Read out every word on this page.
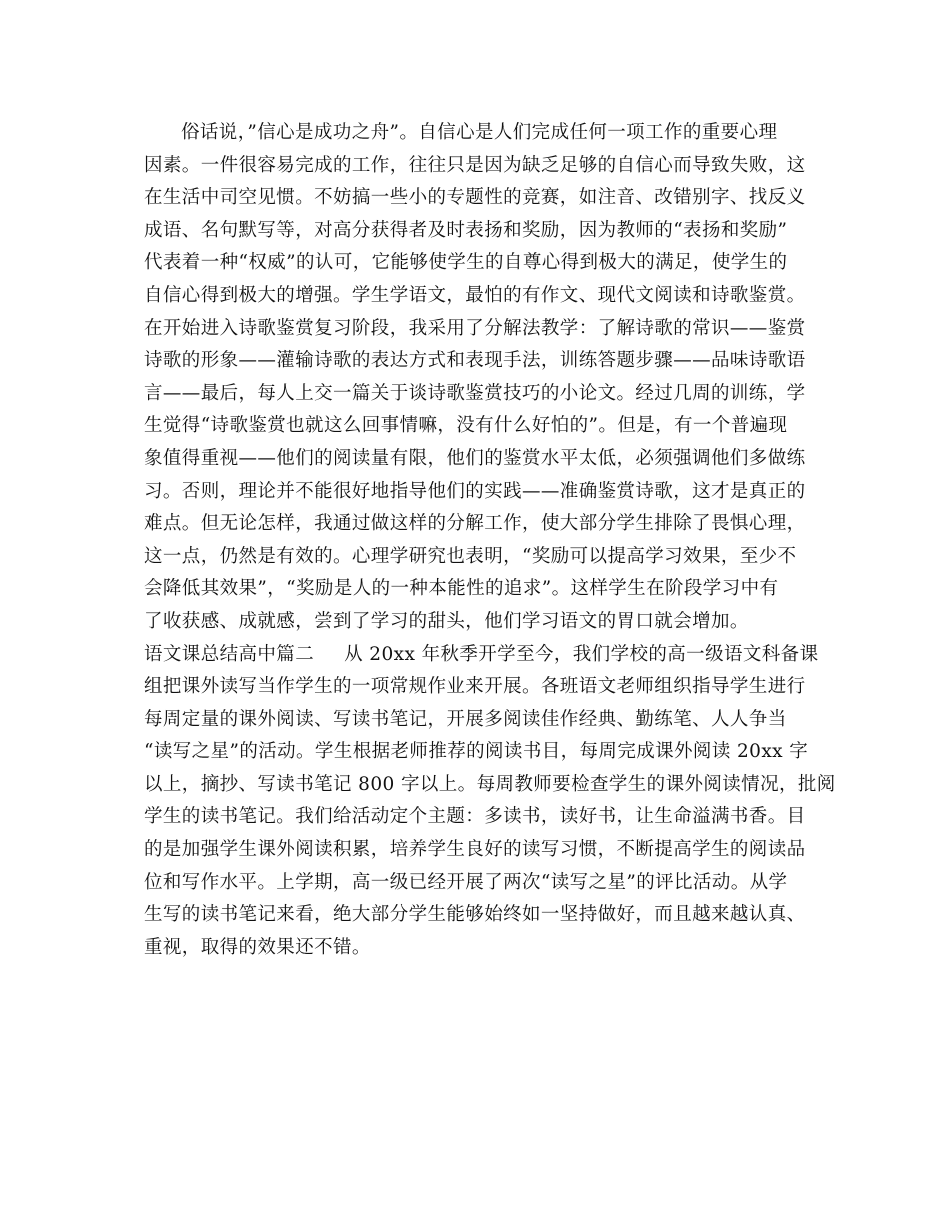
俗话说，”信心是成功之舟”。自信心是人们完成任何一项工作的重要心理
因素。一件很容易完成的工作，往往只是因为缺乏足够的自信心而导致失败，这
在生活中司空见惯。不妨搞一些小的专题性的竞赛，如注音、改错别字、找反义
成语、名句默写等，对高分获得者及时表扬和奖励，因为教师的“表扬和奖励”
代表着一种“权威”的认可，它能够使学生的自尊心得到极大的满足，使学生的
自信心得到极大的增强。学生学语文，最怕的有作文、现代文阅读和诗歌鉴赏。
在开始进入诗歌鉴赏复习阶段，我采用了分解法教学：了解诗歌的常识——鉴赏
诗歌的形象——灌输诗歌的表达方式和表现手法，训练答题步骤——品味诗歌语
言——最后，每人上交一篇关于谈诗歌鉴赏技巧的小论文。经过几周的训练，学
生觉得“诗歌鉴赏也就这么回事情嘛，没有什么好怕的”。但是，有一个普遍现
象值得重视——他们的阅读量有限，他们的鉴赏水平太低，必须强调他们多做练
习。否则，理论并不能很好地指导他们的实践——准确鉴赏诗歌，这才是真正的
难点。但无论怎样，我通过做这样的分解工作，使大部分学生排除了畏惧心理，
这一点，仍然是有效的。心理学研究也表明，“奖励可以提高学习效果，至少不
会降低其效果”，“奖励是人的一种本能性的追求”。这样学生在阶段学习中有
了收获感、成就感，尝到了学习的甜头，他们学习语文的胃口就会增加。
语文课总结高中篇二 从 20xx 年秋季开学至今，我们学校的高一级语文科备课
组把课外读写当作学生的一项常规作业来开展。各班语文老师组织指导学生进行
每周定量的课外阅读、写读书笔记，开展多阅读佳作经典、勤练笔、人人争当
“读写之星”的活动。学生根据老师推荐的阅读书目，每周完成课外阅读 20xx 字
以上，摘抄、写读书笔记 800 字以上。每周教师要检查学生的课外阅读情况，批阅
学生的读书笔记。我们给活动定个主题：多读书，读好书，让生命溢满书香。目
的是加强学生课外阅读积累，培养学生良好的读写习惯，不断提高学生的阅读品
位和写作水平。上学期，高一级已经开展了两次“读写之星”的评比活动。从学
生写的读书笔记来看，绝大部分学生能够始终如一坚持做好，而且越来越认真、
重视，取得的效果还不错。
